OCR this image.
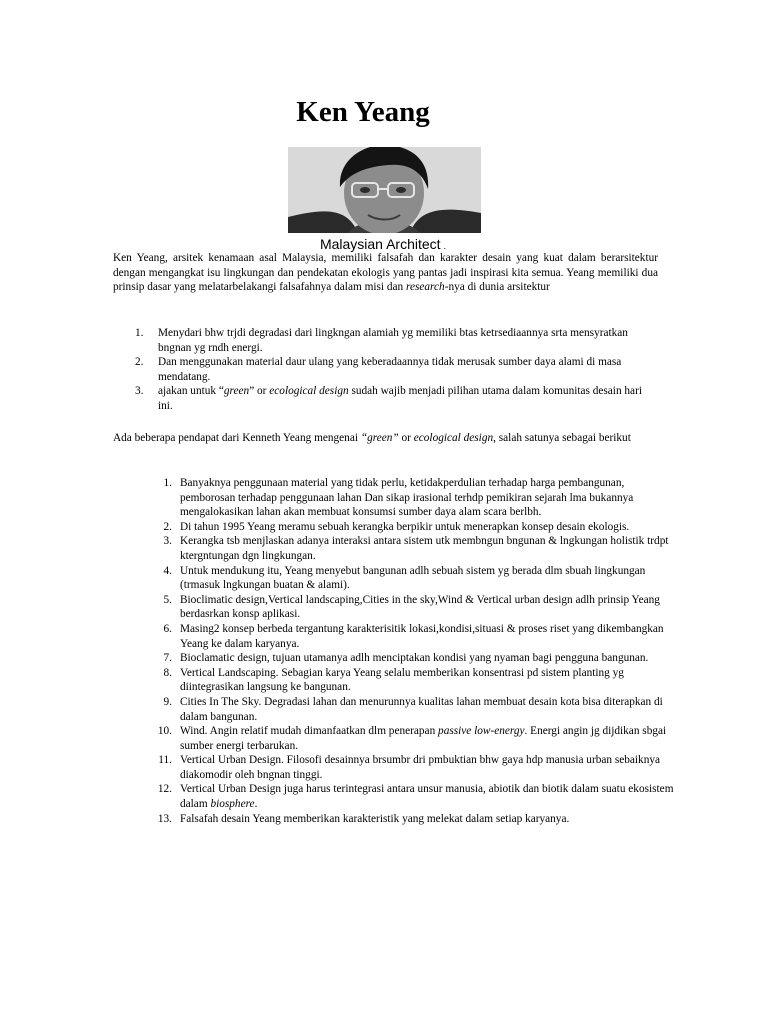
Ken Yeang
Malaysian Architect .

Ken Yeang, arsitek kenamaan asal Malaysia, memiliki falsafah dan karakter desain yang kuat dalam berarsitektur dengan mengangkat isu lingkungan dan pendekatan ekologis yang pantas jadi inspirasi kita semua. Yeang memiliki dua prinsip dasar yang melatarbelakangi falsafahnya dalam misi dan research-nya di dunia arsitektur

1. Menydari bhw trjdi degradasi dari lingkngan alamiah yg memiliki btas ketrsediaannya srta mensyratkan bngnan yg rndh energi.
2. Dan menggunakan material daur ulang yang keberadaannya tidak merusak sumber daya alami di masa mendatang.
3. ajakan untuk “green” or ecological design sudah wajib menjadi pilihan utama dalam komunitas desain hari ini.
Ada beberapa pendapat dari Kenneth Yeang mengenai “green” or ecological design, salah satunya sebagai berikut
1. Banyaknya penggunaan material yang tidak perlu, ketidakperdulian terhadap harga pembangunan, pemborosan terhadap penggunaan lahan Dan sikap irasional terhdp pemikiran sejarah lma bukannya mengalokasikan lahan akan membuat konsumsi sumber daya alam scara berlbh.
2. Di tahun 1995 Yeang meramu sebuah kerangka berpikir untuk menerapkan konsep desain ekologis.
3. Kerangka tsb menjlaskan adanya interaksi antara sistem utk membngun bngunan & lngkungan holistik trdpt ktergntungan dgn lingkungan.
4. Untuk mendukung itu, Yeang menyebut bangunan adlh sebuah sistem yg berada dlm sbuah lingkungan (trmasuk lngkungan buatan & alami).
5. Bioclimatic design,Vertical landscaping,Cities in the sky,Wind & Vertical urban design adlh prinsip Yeang berdasrkan konsp aplikasi.
6. Masing2 konsep berbeda tergantung karakterisitik lokasi,kondisi,situasi & proses riset yang dikembangkan Yeang ke dalam karyanya.
7. Bioclamatic design, tujuan utamanya adlh menciptakan kondisi yang nyaman bagi pengguna bangunan.
8. Vertical Landscaping. Sebagian karya Yeang selalu memberikan konsentrasi pd sistem planting yg diintegrasikan langsung ke bangunan.
9. Cities In The Sky. Degradasi lahan dan menurunnya kualitas lahan membuat desain kota bisa diterapkan di dalam bangunan.
10. Wind. Angin relatif mudah dimanfaatkan dlm penerapan passive low-energy. Energi angin jg dijdikan sbgai sumber energi terbarukan.
11. Vertical Urban Design. Filosofi desainnya brsumbr dri pmbuktian bhw gaya hdp manusia urban sebaiknya diakomodir oleh bngnan tinggi.
12. Vertical Urban Design juga harus terintegrasi antara unsur manusia, abiotik dan biotik dalam suatu ekosistem dalam biosphere.
13. Falsafah desain Yeang memberikan karakteristik yang melekat dalam setiap karyanya.
